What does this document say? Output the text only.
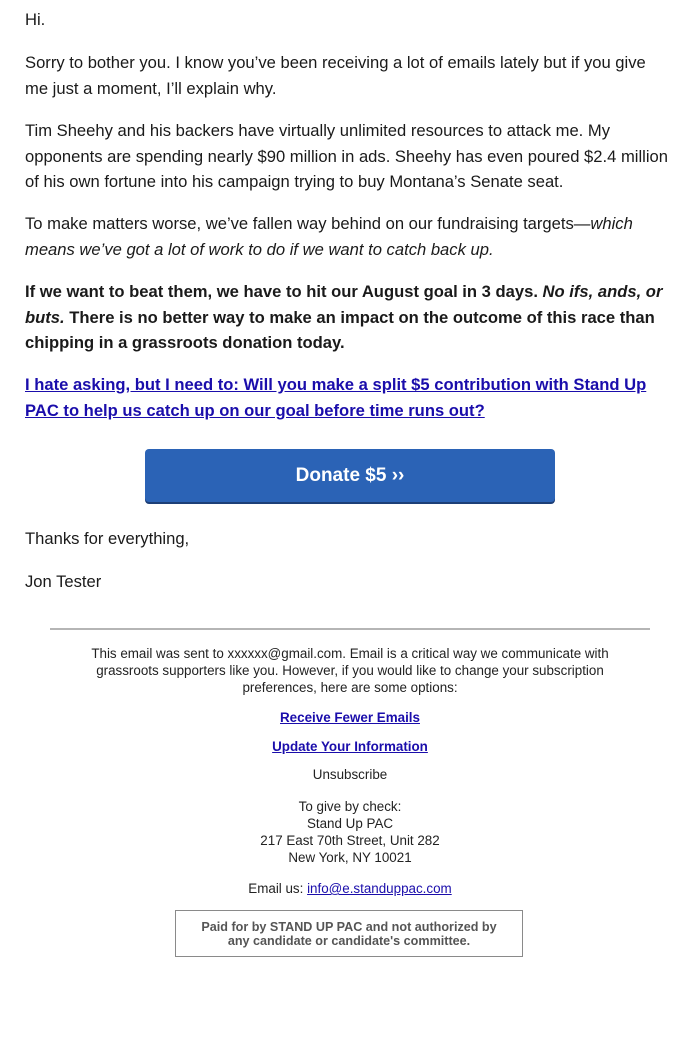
Hi.

Sorry to bother you. I know you’ve been receiving a lot of emails lately but if you give me just a moment, I’ll explain why.

Tim Sheehy and his backers have virtually unlimited resources to attack me. My opponents are spending nearly $90 million in ads. Sheehy has even poured $2.4 million of his own fortune into his campaign trying to buy Montana’s Senate seat.

To make matters worse, we’ve fallen way behind on our fundraising targets—which means we’ve got a lot of work to do if we want to catch back up.

If we want to beat them, we have to hit our August goal in 3 days. No ifs, ands, or buts. There is no better way to make an impact on the outcome of this race than chipping in a grassroots donation today.

I hate asking, but I need to: Will you make a split $5 contribution with Stand Up PAC to help us catch up on our goal before time runs out?

Donate $5 ››

Thanks for everything,

Jon Tester

This email was sent to xxxxxx@gmail.com. Email is a critical way we communicate with grassroots supporters like you. However, if you would like to change your subscription preferences, here are some options:

Receive Fewer Emails

Update Your Information

Unsubscribe

To give by check:
Stand Up PAC
217 East 70th Street, Unit 282
New York, NY 10021

Email us: info@e.standuppac.com

Paid for by STAND UP PAC and not authorized by any candidate or candidate's committee.
